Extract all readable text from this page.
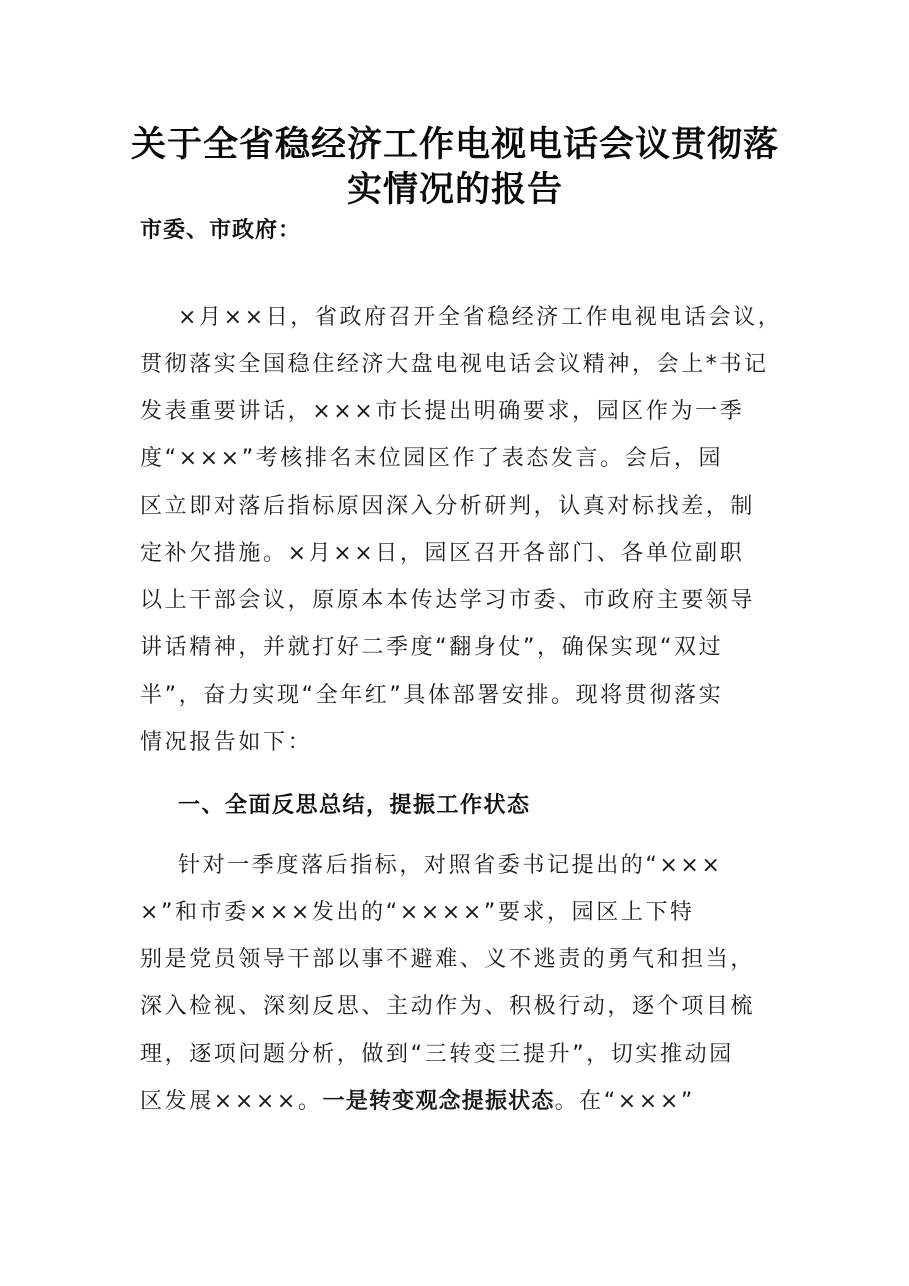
关于全省稳经济工作电视电话会议贯彻落
实情况的报告
市委、市政府：
×月××日，省政府召开全省稳经济工作电视电话会议，
贯彻落实全国稳住经济大盘电视电话会议精神，会上*书记
发表重要讲话，×××市长提出明确要求，园区作为一季
度“×××”考核排名末位园区作了表态发言。会后，园
区立即对落后指标原因深入分析研判，认真对标找差，制
定补欠措施。×月××日，园区召开各部门、各单位副职
以上干部会议，原原本本传达学习市委、市政府主要领导
讲话精神，并就打好二季度“翻身仗”，确保实现“双过
半”，奋力实现“全年红”具体部署安排。现将贯彻落实
情况报告如下：
一、全面反思总结，提振工作状态
针对一季度落后指标，对照省委书记提出的“×××
×”和市委×××发出的“××××”要求，园区上下特
别是党员领导干部以事不避难、义不逃责的勇气和担当，
深入检视、深刻反思、主动作为、积极行动，逐个项目梳
理，逐项问题分析，做到“三转变三提升”，切实推动园
区发展××××。一是转变观念提振状态。在“×××”
